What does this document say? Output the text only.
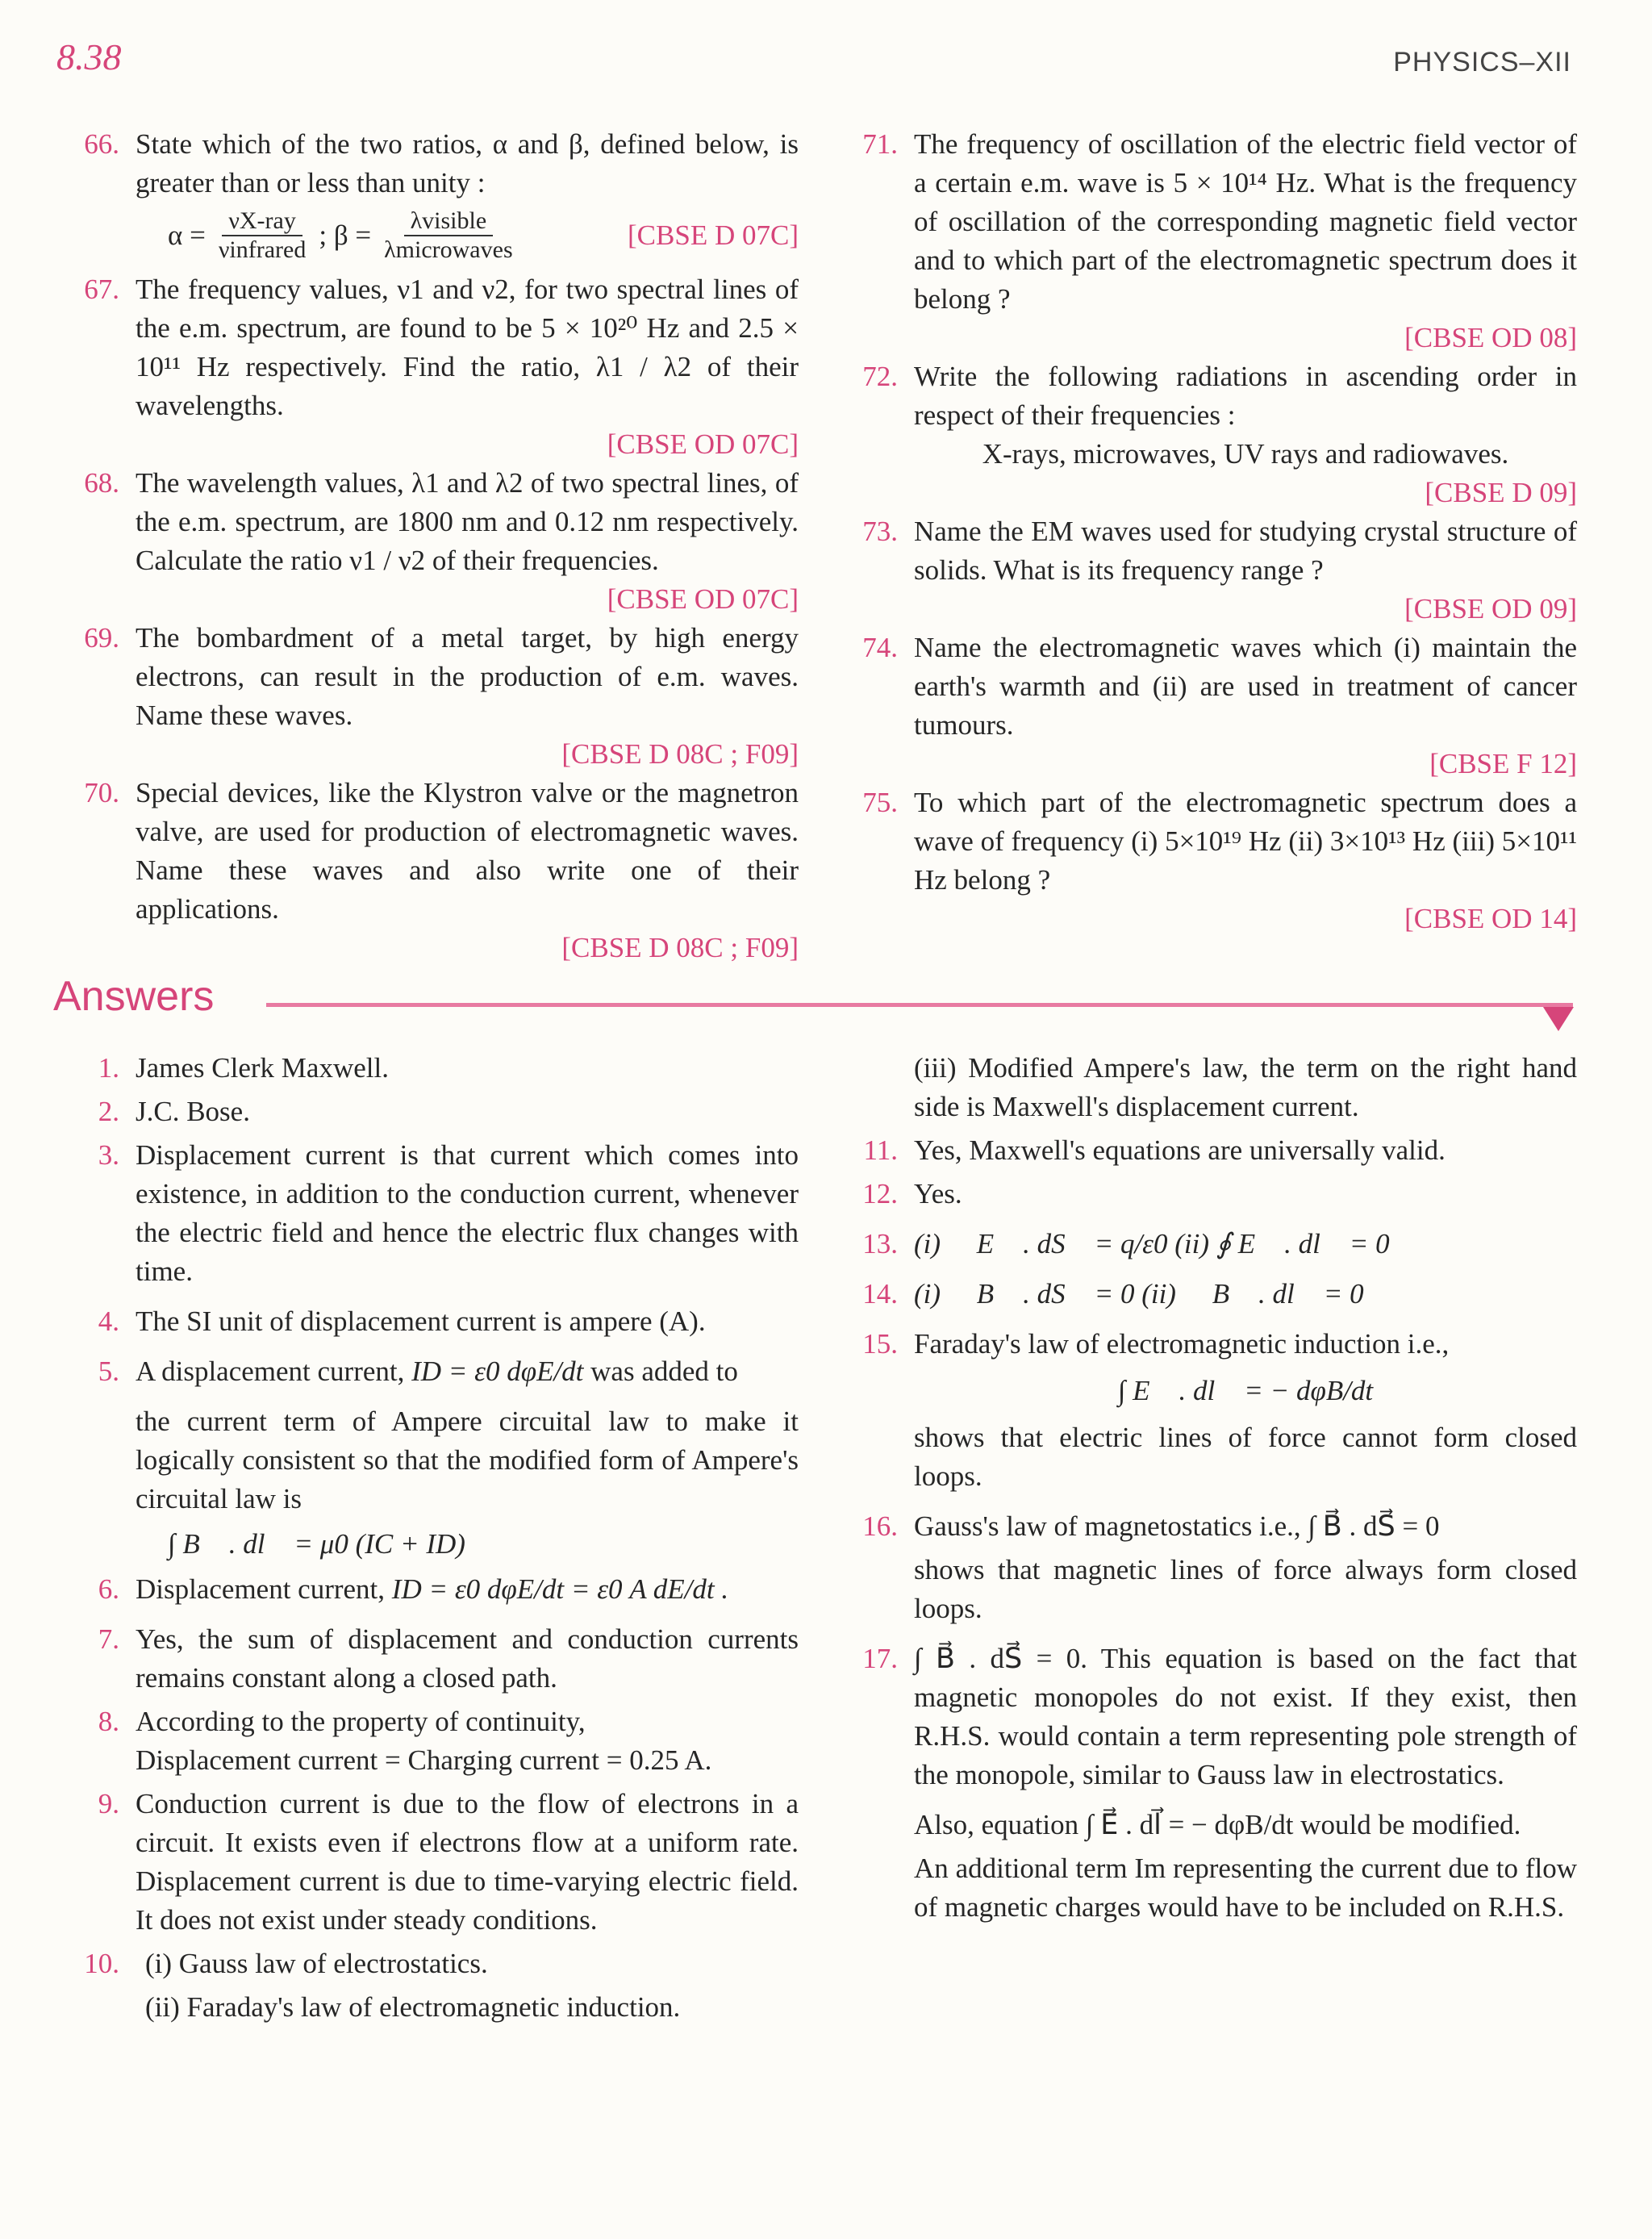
8.38	PHYSICS–XII
66. State which of the two ratios, α and β, defined below, is greater than or less than unity :
$\alpha = \frac{\text{νX-ray}}{\text{νinfrared}}$ ; $\beta = \frac{\text{λvisible}}{\text{λmicrowaves}}$	[CBSE D 07C]
67. The frequency values, ν1 and ν2, for two spectral lines of the e.m. spectrum, are found to be 5 × 10²⁰ Hz and 2.5 × 10¹¹ Hz respectively. Find the ratio, λ1 / λ2 of their wavelengths.
[CBSE OD 07C]
68. The wavelength values, λ1 and λ2 of two spectral lines, of the e.m. spectrum, are 1800 nm and 0.12 nm respectively. Calculate the ratio ν1 / ν2 of their frequencies.
[CBSE OD 07C]
69. The bombardment of a metal target, by high energy electrons, can result in the production of e.m. waves. Name these waves.
[CBSE D 08C ; F09]
70. Special devices, like the Klystron valve or the magnetron valve, are used for production of electromagnetic waves. Name these waves and also write one of their applications.
[CBSE D 08C ; F09]
71. The frequency of oscillation of the electric field vector of a certain e.m. wave is 5 × 10¹⁴ Hz. What is the frequency of oscillation of the corresponding magnetic field vector and to which part of the electromagnetic spectrum does it belong ?
[CBSE OD 08]
72. Write the following radiations in ascending order in respect of their frequencies :
X-rays, microwaves, UV rays and radiowaves.
[CBSE D 09]
73. Name the EM waves used for studying crystal structure of solids. What is its frequency range ?
[CBSE OD 09]
74. Name the electromagnetic waves which (i) maintain the earth's warmth and (ii) are used in treatment of cancer tumours.
[CBSE F 12]
75. To which part of the electromagnetic spectrum does a wave of frequency (i) 5×10¹⁹ Hz (ii) 3×10¹³ Hz (iii) 5×10¹¹ Hz belong ?
[CBSE OD 14]
Answers
1. James Clerk Maxwell.
2. J.C. Bose.
3. Displacement current is that current which comes into existence, in addition to the conduction current, whenever the electric field and hence the electric flux changes with time.
4. The SI unit of displacement current is ampere (A).
5. A displacement current, ID = ε0 dφE/dt was added to
the current term of Ampere circuital law to make it logically consistent so that the modified form of Ampere's circuital law is
∫ B⃗ . dl⃗ = μ0 (IC + ID)
6. Displacement current, ID = ε0 dφE/dt = ε0 A dE/dt .
7. Yes, the sum of displacement and conduction currents remains constant along a closed path.
8. According to the property of continuity,
Displacement current = Charging current = 0.25 A.
9. Conduction current is due to the flow of electrons in a circuit. It exists even if electrons flow at a uniform rate. Displacement current is due to time-varying electric field. It does not exist under steady conditions.
10. (i) Gauss law of electrostatics.
(ii) Faraday's law of electromagnetic induction.
(iii) Modified Ampere's law, the term on the right hand side is Maxwell's displacement current.
11. Yes, Maxwell's equations are universally valid.
12. Yes.
13. (i) ∮ E⃗ . dS⃗ = q/ε0 (ii) ∮ E⃗ . dl⃗ = 0
14. (i) ∮ B⃗ . dS⃗ = 0 (ii) ∮ B⃗ . dl⃗ = 0
15. Faraday's law of electromagnetic induction i.e.,
∫ E⃗ . dl⃗ = − dφB/dt
shows that electric lines of force cannot form closed loops.
16. Gauss's law of magnetostatics i.e., ∫ B⃗ . dS⃗ = 0
shows that magnetic lines of force always form closed loops.
17. ∫ B⃗ . dS⃗ = 0. This equation is based on the fact that magnetic monopoles do not exist. If they exist, then R.H.S. would contain a term representing pole strength of the monopole, similar to Gauss law in electrostatics.
Also, equation ∫ E⃗ . dl⃗ = − dφB/dt would be modified.
An additional term Im representing the current due to flow of magnetic charges would have to be included on R.H.S.
